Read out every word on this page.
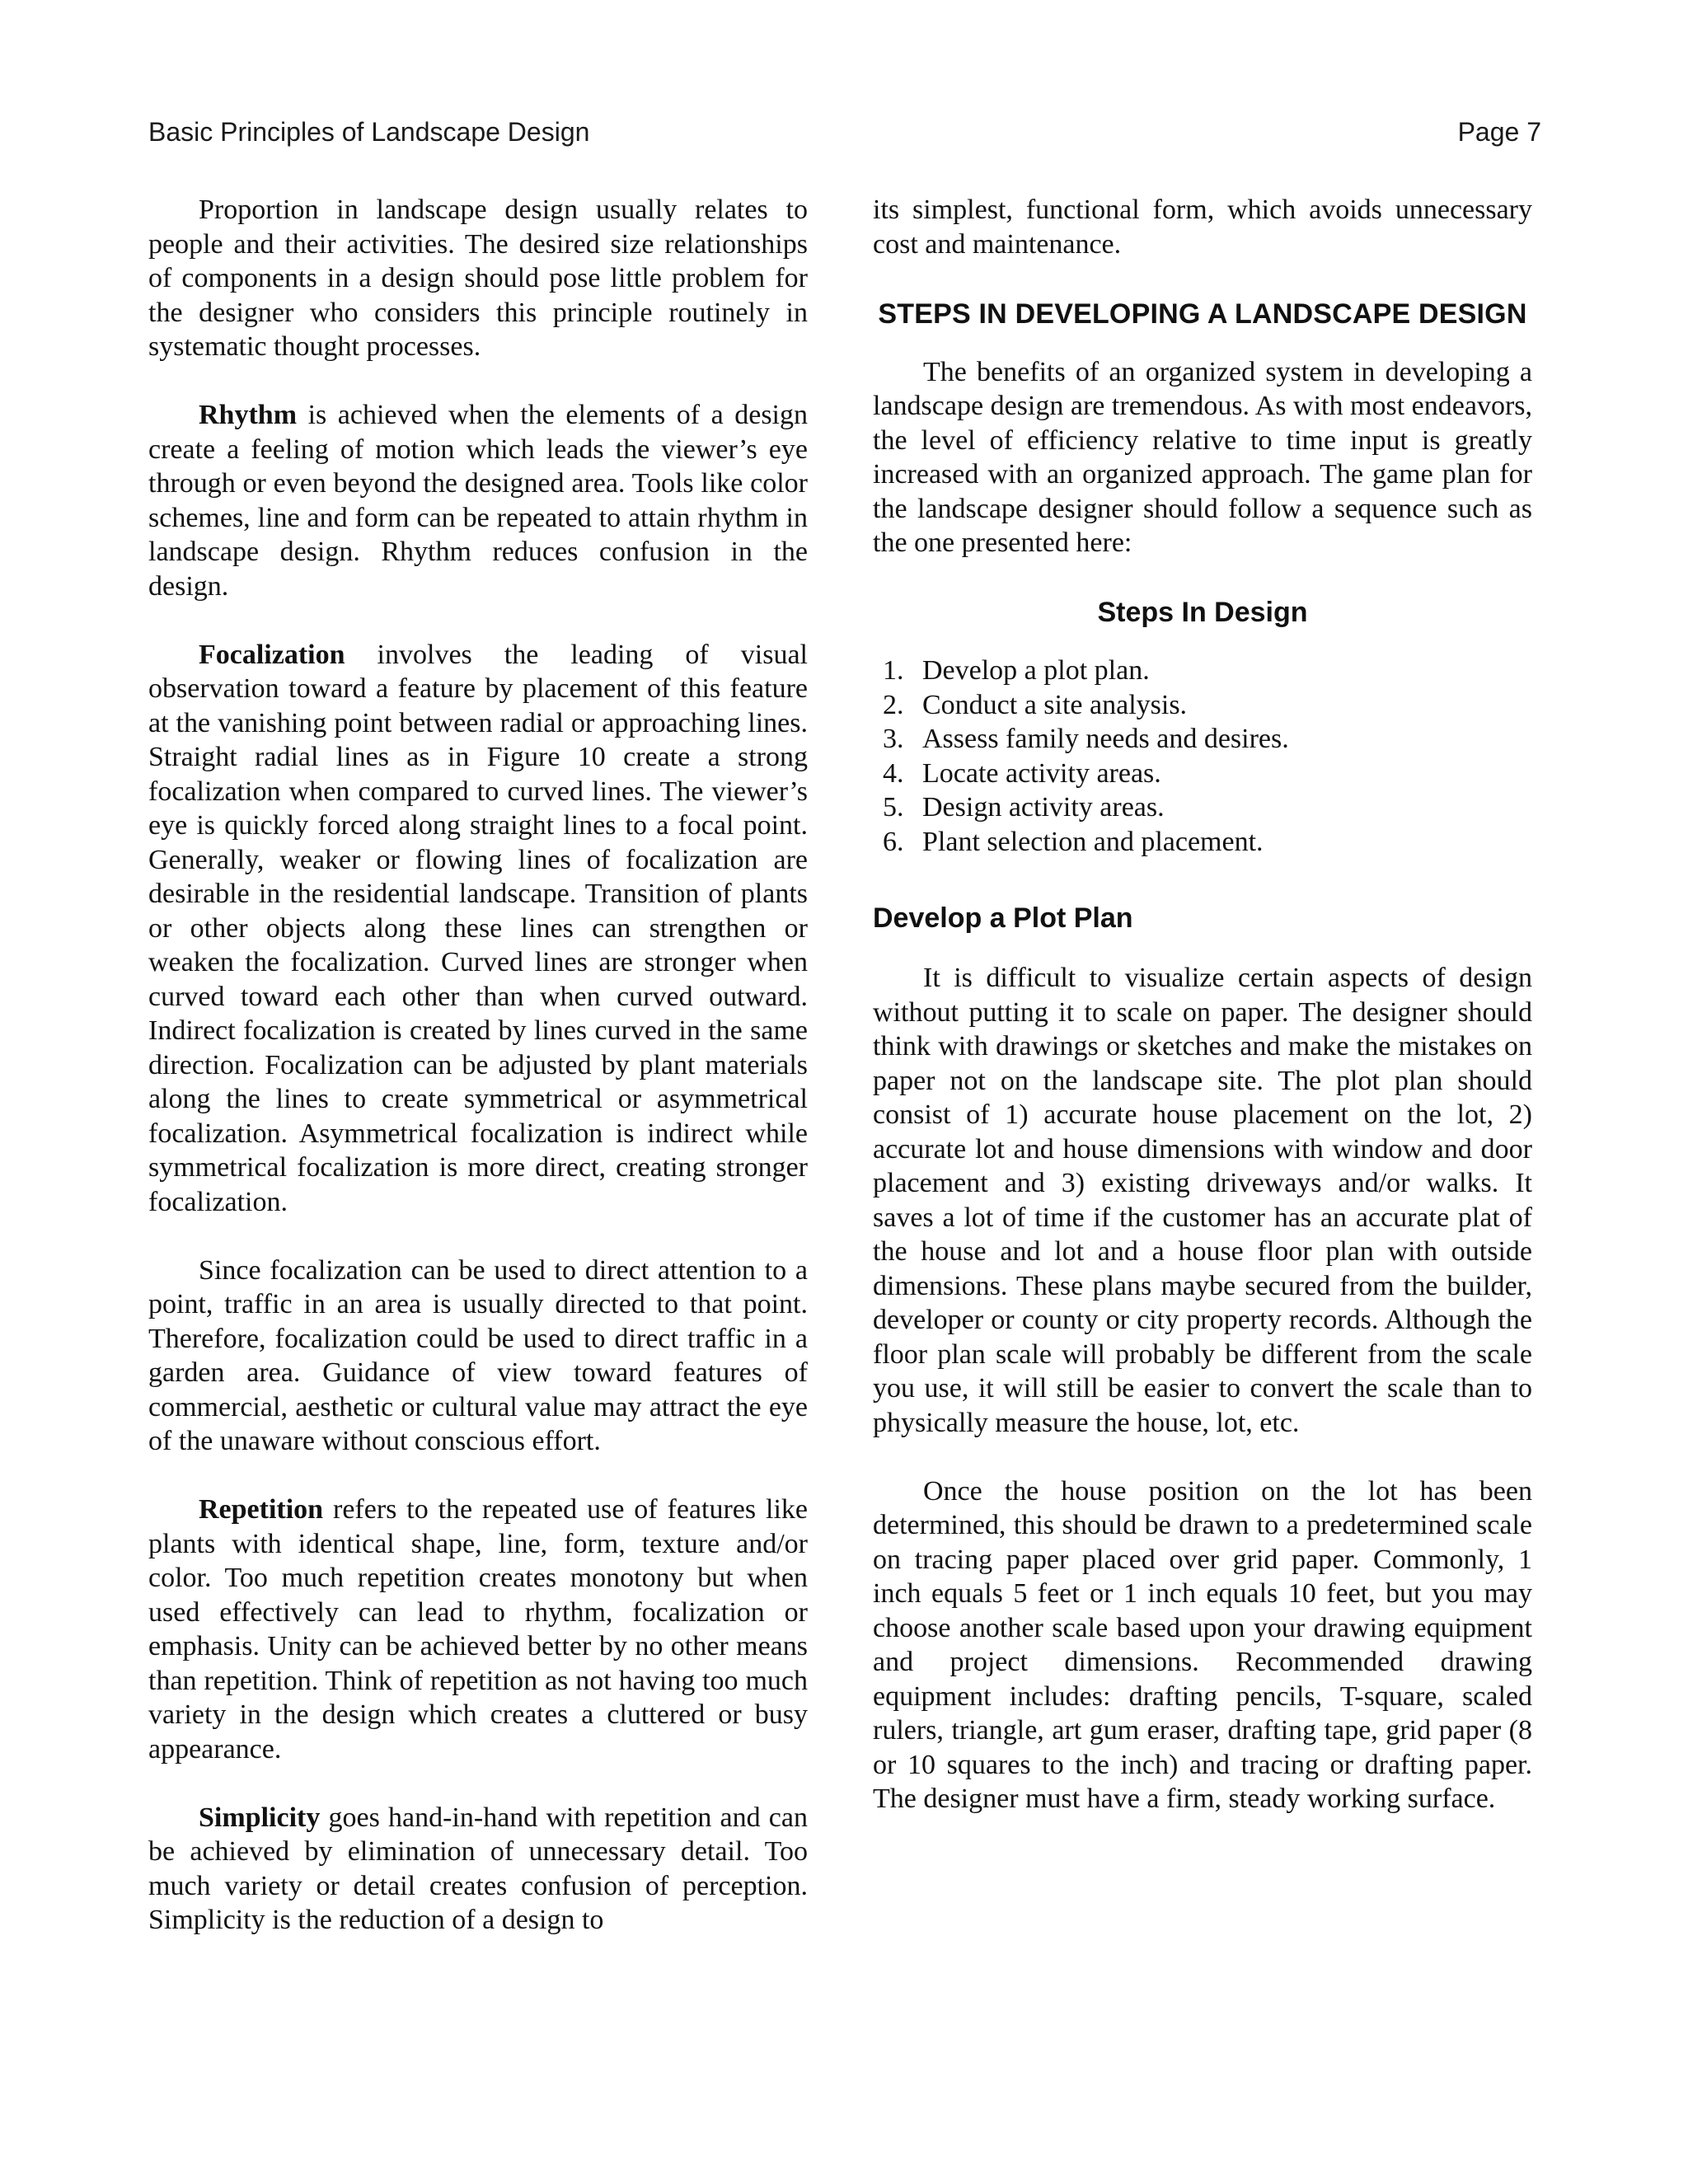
Basic Principles of Landscape Design	Page 7

Proportion in landscape design usually relates to people and their activities. The desired size relationships of components in a design should pose little problem for the designer who considers this principle routinely in systematic thought processes.

Rhythm is achieved when the elements of a design create a feeling of motion which leads the viewer’s eye through or even beyond the designed area. Tools like color schemes, line and form can be repeated to attain rhythm in landscape design. Rhythm reduces confusion in the design.

Focalization involves the leading of visual observation toward a feature by placement of this feature at the vanishing point between radial or approaching lines. Straight radial lines as in Figure 10 create a strong focalization when compared to curved lines. The viewer’s eye is quickly forced along straight lines to a focal point. Generally, weaker or flowing lines of focalization are desirable in the residential landscape. Transition of plants or other objects along these lines can strengthen or weaken the focalization. Curved lines are stronger when curved toward each other than when curved outward. Indirect focalization is created by lines curved in the same direction. Focalization can be adjusted by plant materials along the lines to create symmetrical or asymmetrical focalization. Asymmetrical focalization is indirect while symmetrical focalization is more direct, creating stronger focalization.

Since focalization can be used to direct attention to a point, traffic in an area is usually directed to that point. Therefore, focalization could be used to direct traffic in a garden area. Guidance of view toward features of commercial, aesthetic or cultural value may attract the eye of the unaware without conscious effort.

Repetition refers to the repeated use of features like plants with identical shape, line, form, texture and/or color. Too much repetition creates monotony but when used effectively can lead to rhythm, focalization or emphasis. Unity can be achieved better by no other means than repetition. Think of repetition as not having too much variety in the design which creates a cluttered or busy appearance.

Simplicity goes hand-in-hand with repetition and can be achieved by elimination of unnecessary detail. Too much variety or detail creates confusion of perception. Simplicity is the reduction of a design to

its simplest, functional form, which avoids unnecessary cost and maintenance.

STEPS IN DEVELOPING A LANDSCAPE DESIGN

The benefits of an organized system in developing a landscape design are tremendous. As with most endeavors, the level of efficiency relative to time input is greatly increased with an organized approach. The game plan for the landscape designer should follow a sequence such as the one presented here:

Steps In Design
1. Develop a plot plan.
2. Conduct a site analysis.
3. Assess family needs and desires.
4. Locate activity areas.
5. Design activity areas.
6. Plant selection and placement.
Develop a Plot Plan

It is difficult to visualize certain aspects of design without putting it to scale on paper. The designer should think with drawings or sketches and make the mistakes on paper not on the landscape site. The plot plan should consist of 1) accurate house placement on the lot, 2) accurate lot and house dimensions with window and door placement and 3) existing driveways and/or walks. It saves a lot of time if the customer has an accurate plat of the house and lot and a house floor plan with outside dimensions. These plans maybe secured from the builder, developer or county or city property records. Although the floor plan scale will probably be different from the scale you use, it will still be easier to convert the scale than to physically measure the house, lot, etc.

Once the house position on the lot has been determined, this should be drawn to a predetermined scale on tracing paper placed over grid paper. Commonly, 1 inch equals 5 feet or 1 inch equals 10 feet, but you may choose another scale based upon your drawing equipment and project dimensions. Recommended drawing equipment includes: drafting pencils, T-square, scaled rulers, triangle, art gum eraser, drafting tape, grid paper (8 or 10 squares to the inch) and tracing or drafting paper. The designer must have a firm, steady working surface.
